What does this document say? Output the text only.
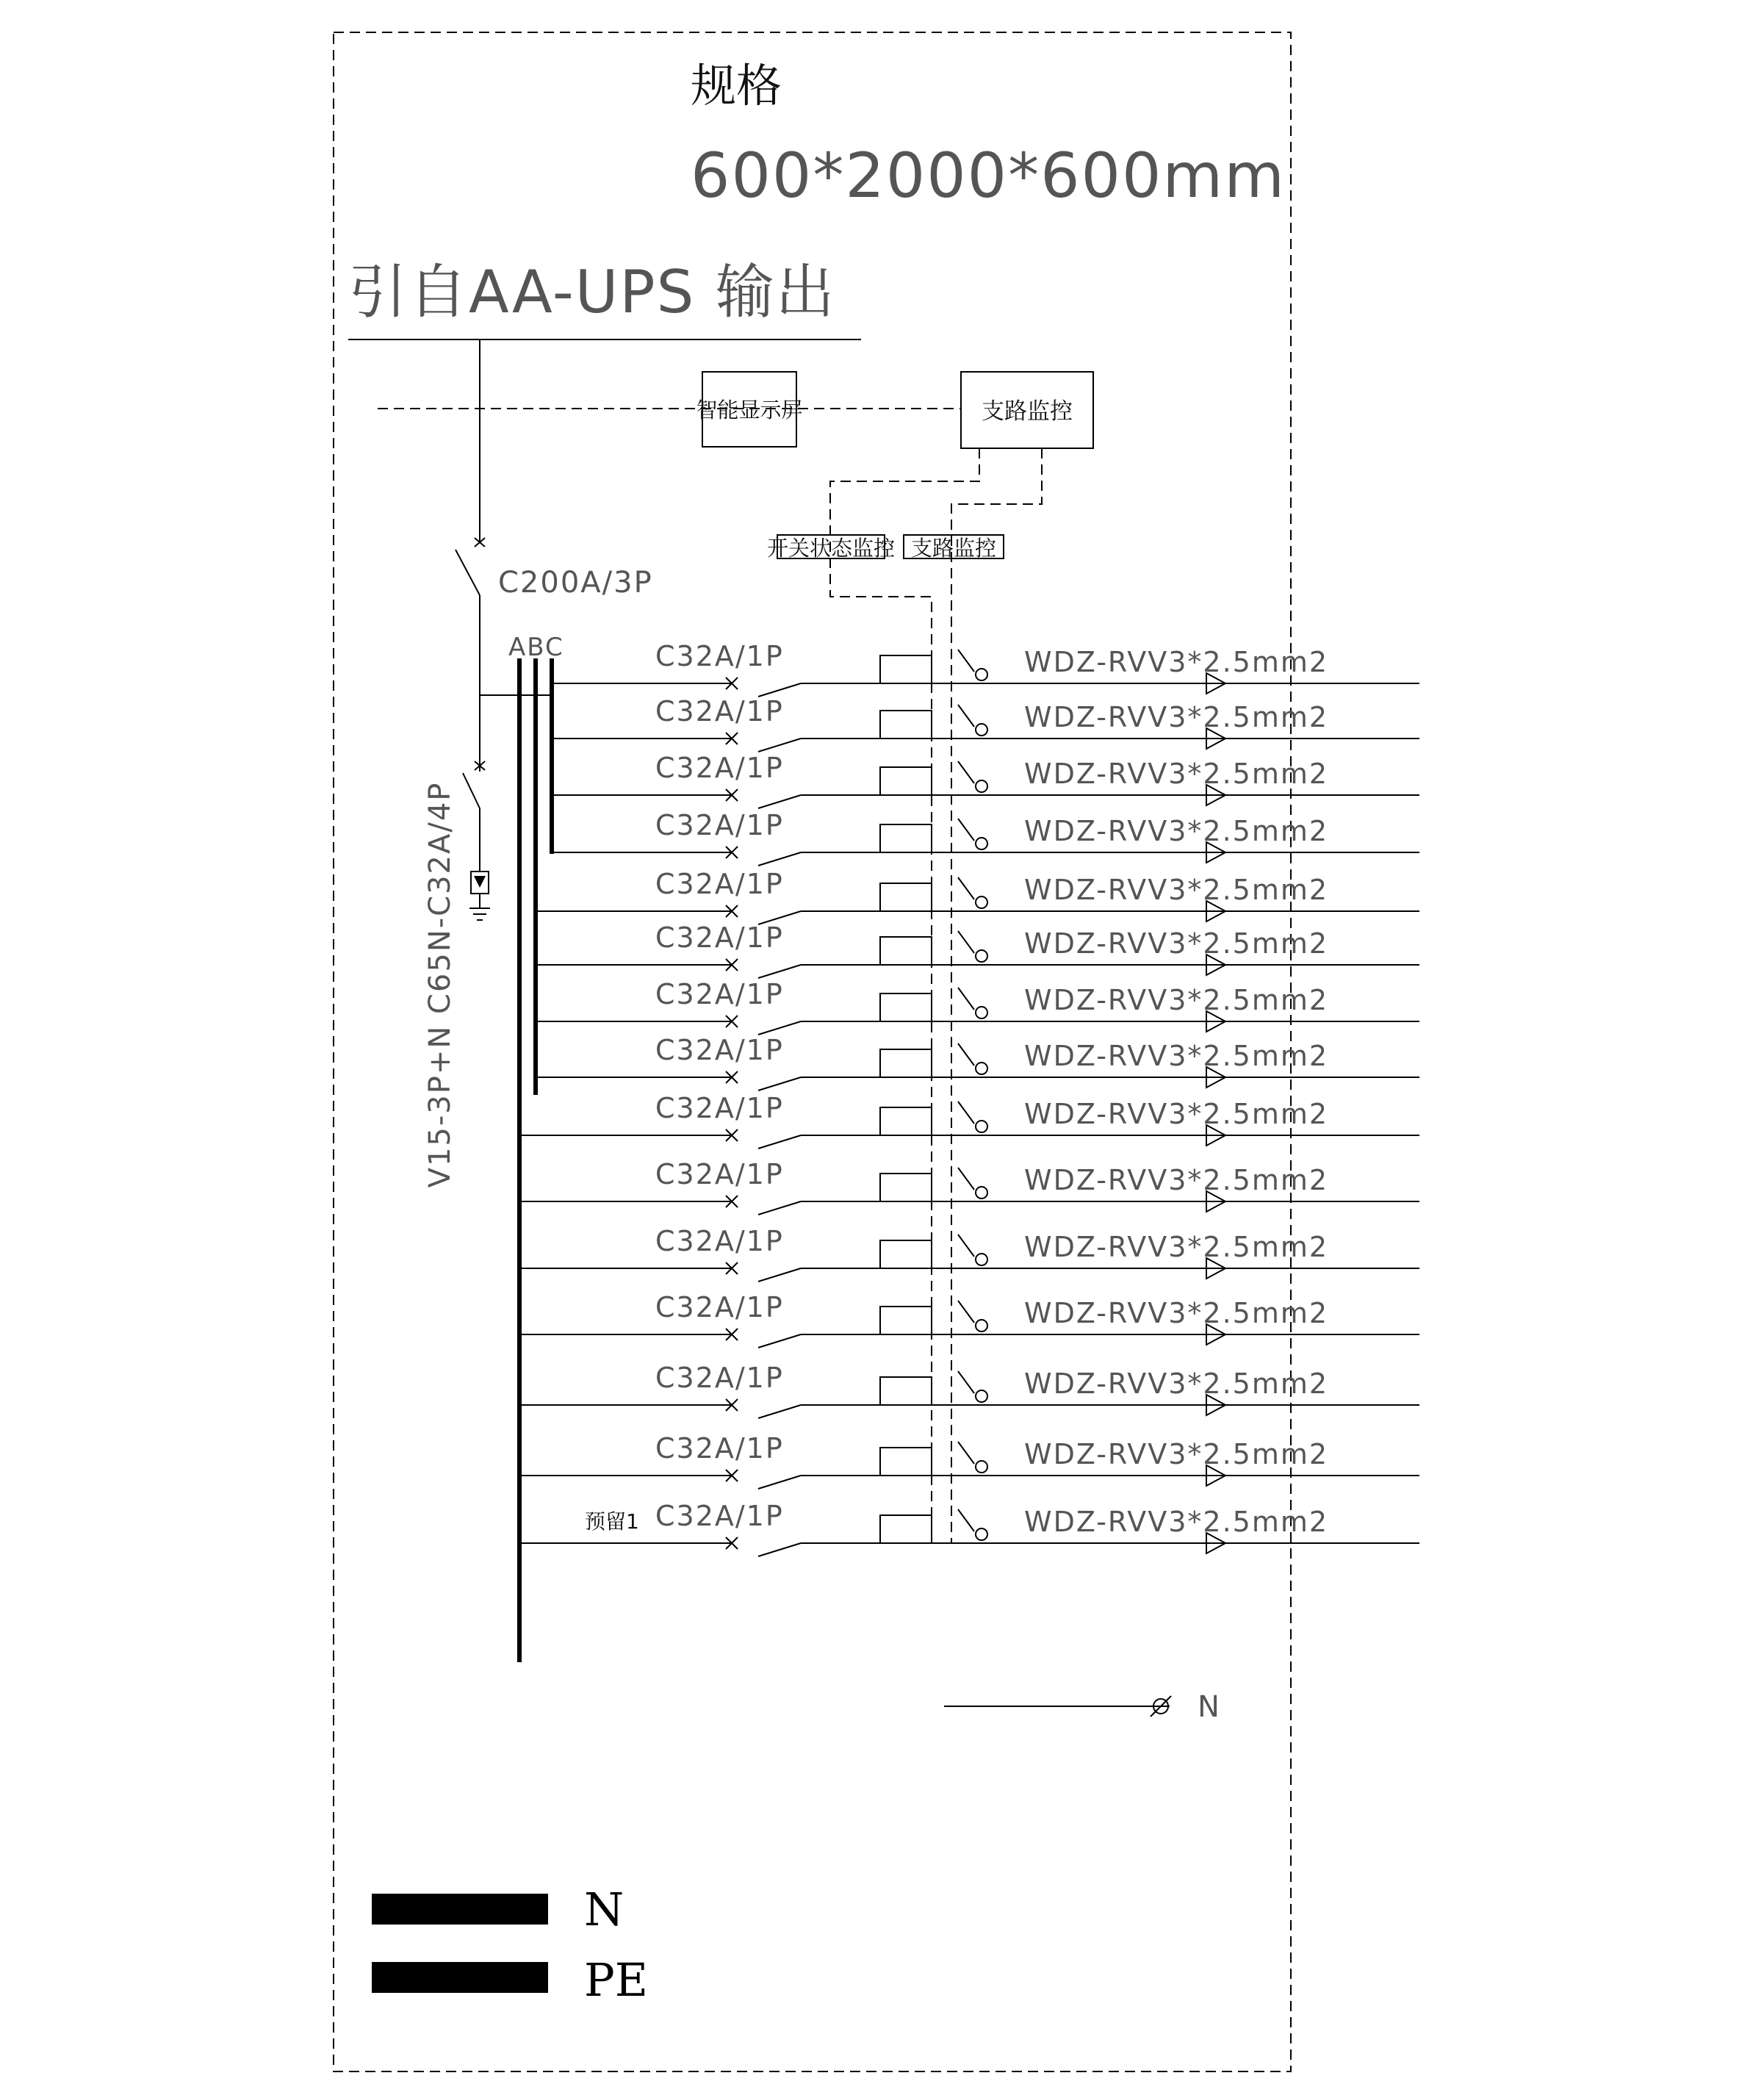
规格
600*2000*600mm
引自AA-UPS 输出
智能显示屏	支路监控
开关状态监控 支路监控
C200A/3P
V15-3P+N C65N-C32A/4P
ABC	C32A/1P	WDZ-RVV3*2.5mm2
C32A/1P	WDZ-RVV3*2.5mm2
C32A/1P	WDZ-RVV3*2.5mm2
C32A/1P	WDZ-RVV3*2.5mm2
C32A/1P	WDZ-RVV3*2.5mm2
C32A/1P	WDZ-RVV3*2.5mm2
C32A/1P	WDZ-RVV3*2.5mm2
C32A/1P	WDZ-RVV3*2.5mm2
C32A/1P	WDZ-RVV3*2.5mm2
C32A/1P	WDZ-RVV3*2.5mm2
C32A/1P	WDZ-RVV3*2.5mm2
C32A/1P	WDZ-RVV3*2.5mm2
C32A/1P	WDZ-RVV3*2.5mm2
C32A/1P	WDZ-RVV3*2.5mm2
C32A/1P	WDZ-RVV3*2.5mm2
预留1
N
N
PE
